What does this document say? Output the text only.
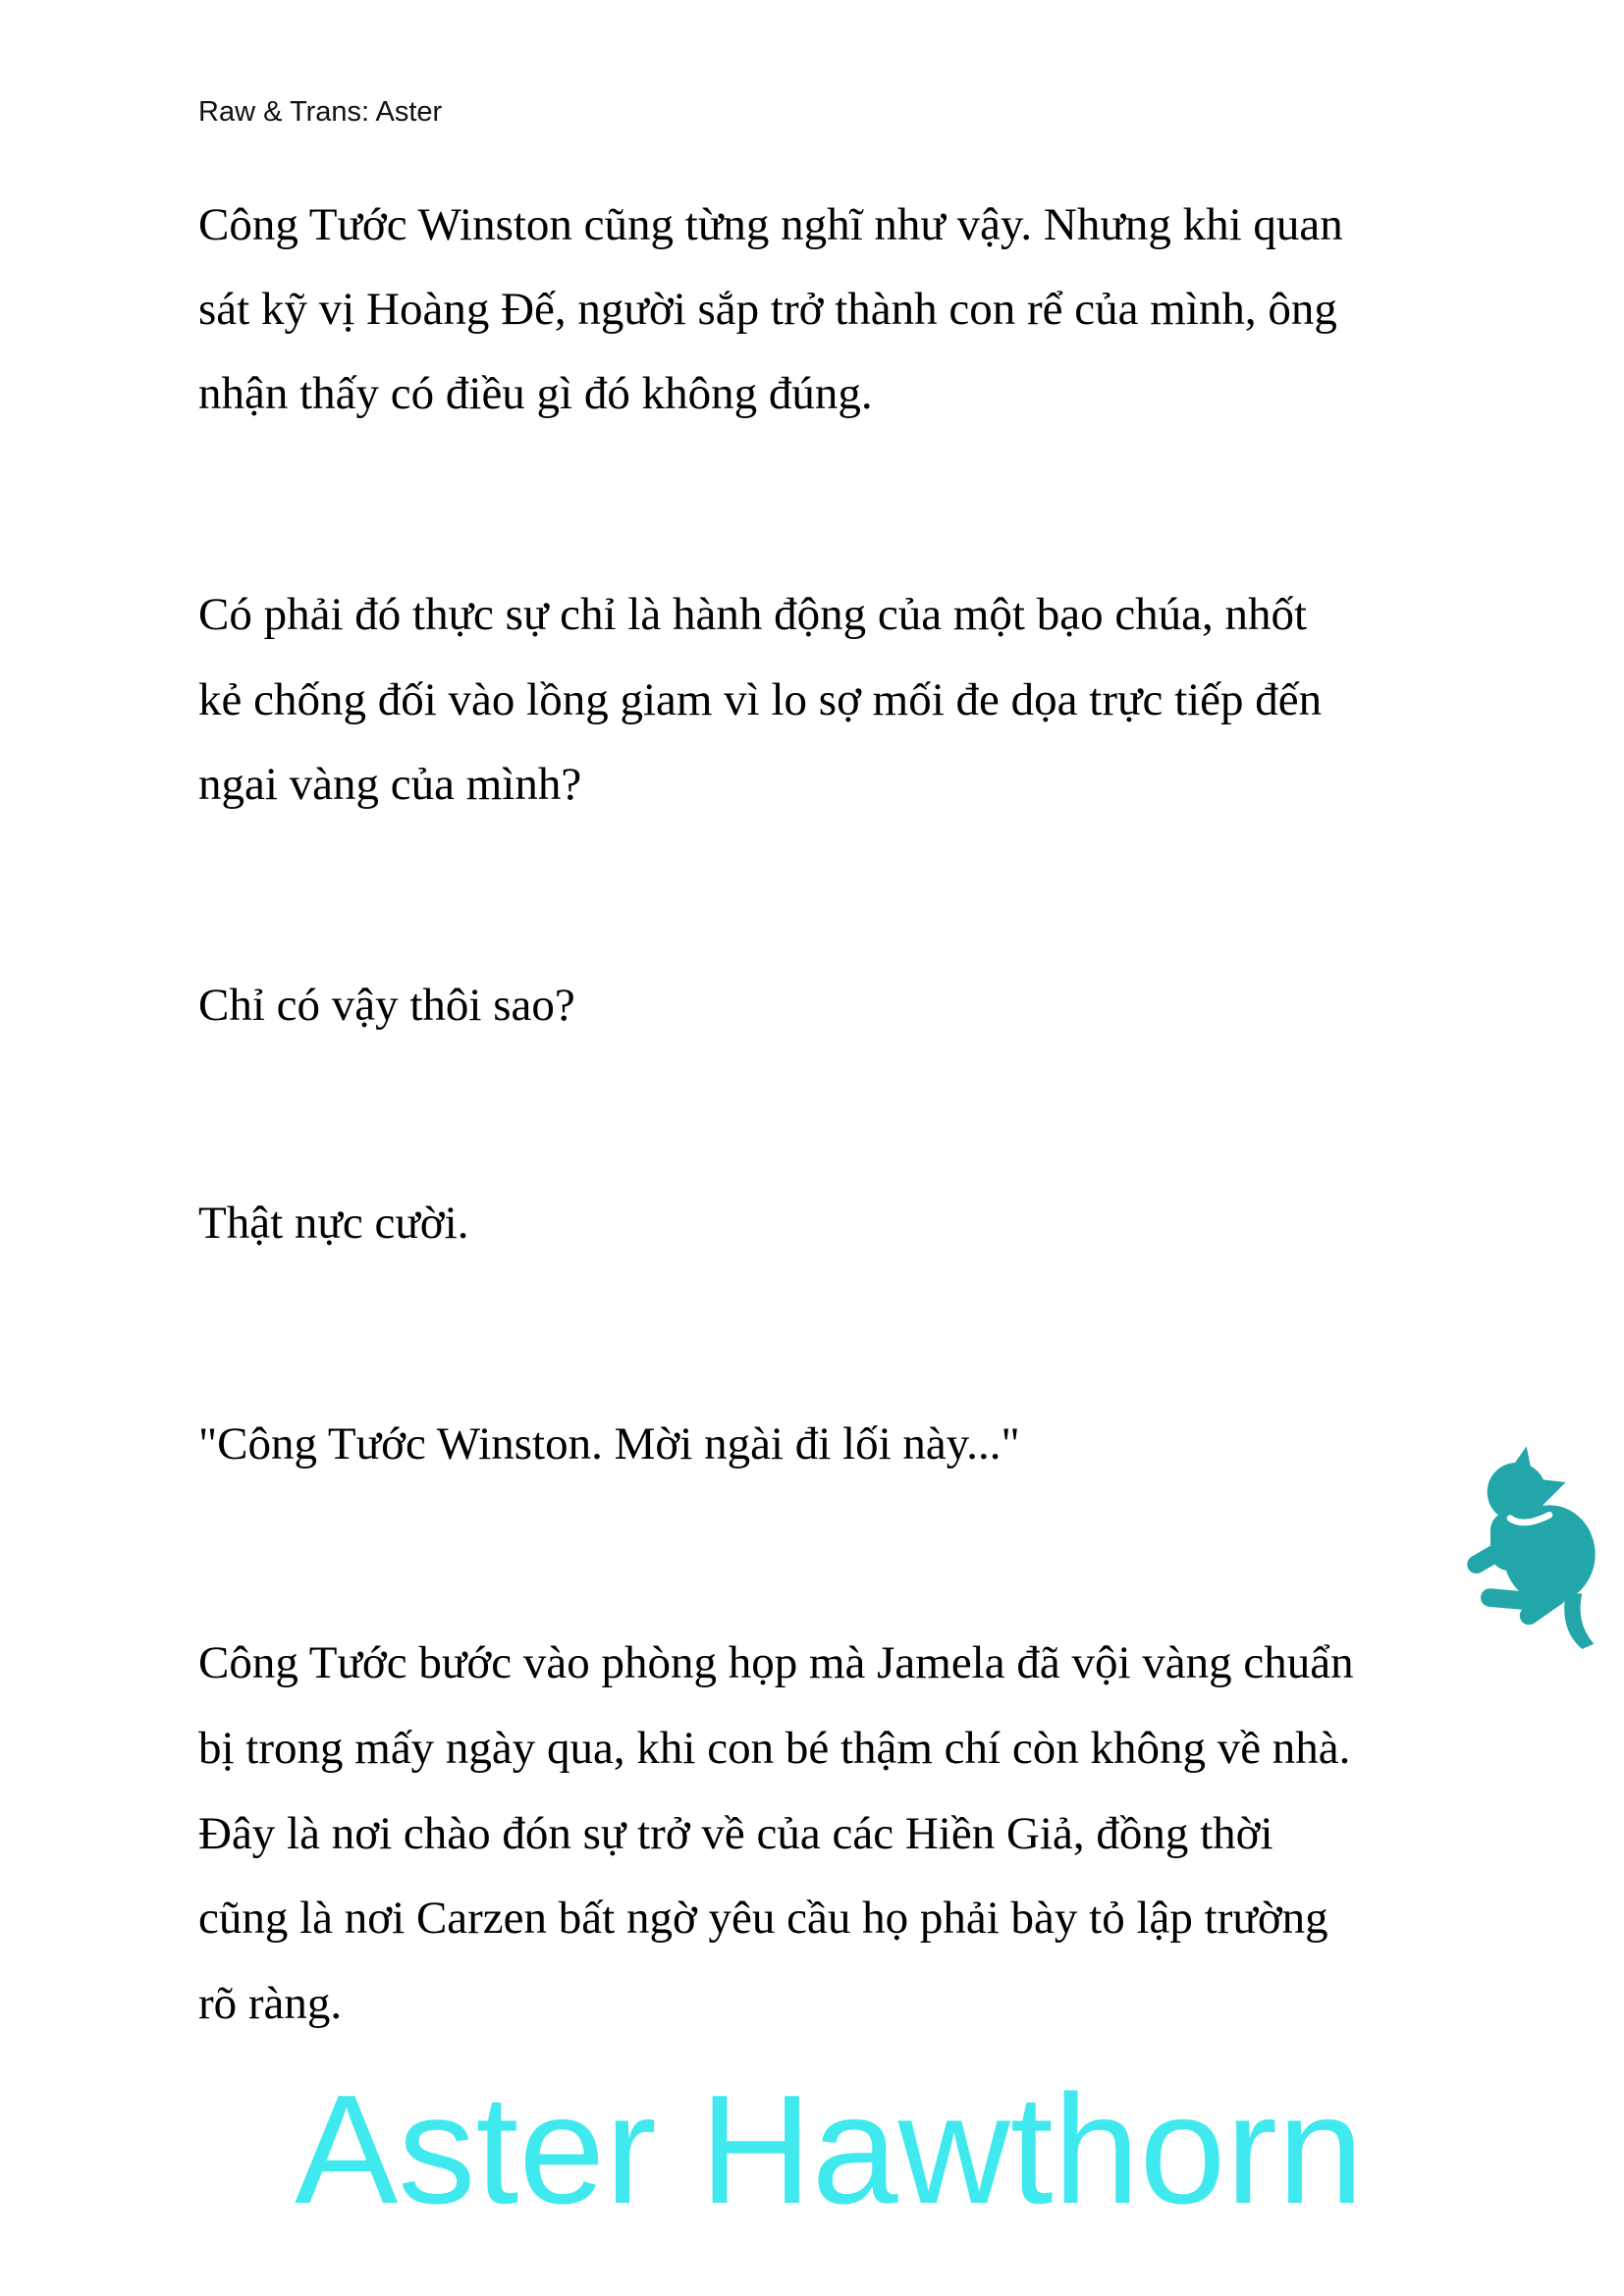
Raw & Trans: Aster
Công Tước Winston cũng từng nghĩ như vậy. Nhưng khi quan
sát kỹ vị Hoàng Đế, người sắp trở thành con rể của mình, ông
nhận thấy có điều gì đó không đúng.
Có phải đó thực sự chỉ là hành động của một bạo chúa, nhốt
kẻ chống đối vào lồng giam vì lo sợ mối đe dọa trực tiếp đến
ngai vàng của mình?
Chỉ có vậy thôi sao?
Thật nực cười.
"Công Tước Winston. Mời ngài đi lối này..."
Công Tước bước vào phòng họp mà Jamela đã vội vàng chuẩn
bị trong mấy ngày qua, khi con bé thậm chí còn không về nhà.
Đây là nơi chào đón sự trở về của các Hiền Giả, đồng thời
cũng là nơi Carzen bất ngờ yêu cầu họ phải bày tỏ lập trường
rõ ràng.
Aster Hawthorn
